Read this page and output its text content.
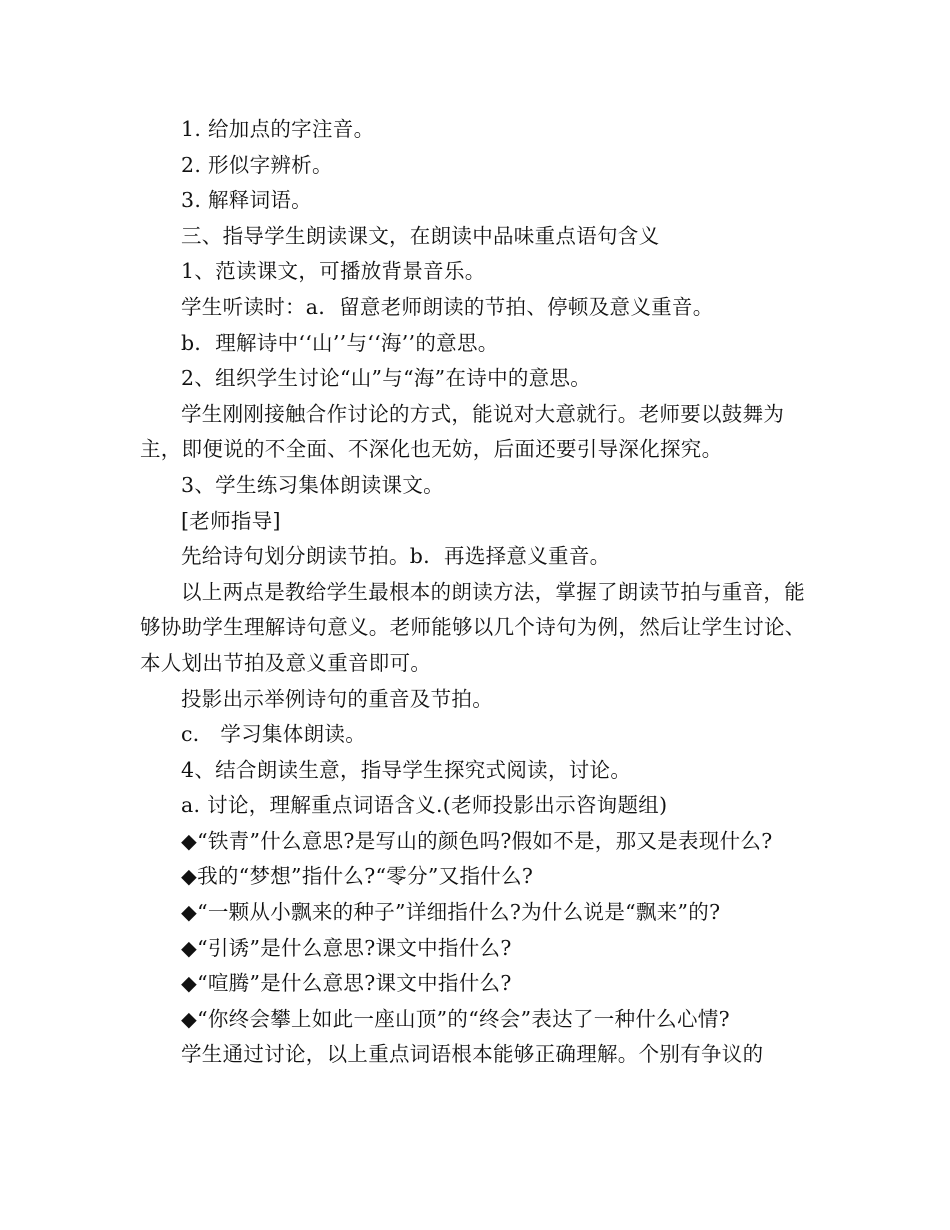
1. 给加点的字注音。

2. 形似字辨析。

3. 解释词语。

三、指导学生朗读课文，在朗读中品味重点语句含义

1、范读课文，可播放背景音乐。

学生听读时：a．留意老师朗读的节拍、停顿及意义重音。

b．理解诗中‘‘山’’与‘‘海’’的意思。

2、组织学生讨论“山”与“海”在诗中的意思。

学生刚刚接触合作讨论的方式，能说对大意就行。老师要以鼓舞为主，即便说的不全面、不深化也无妨，后面还要引导深化探究。

3、学生练习集体朗读课文。

[老师指导]

先给诗句划分朗读节拍。b．再选择意义重音。

以上两点是教给学生最根本的朗读方法，掌握了朗读节拍与重音，能够协助学生理解诗句意义。老师能够以几个诗句为例，然后让学生讨论、本人划出节拍及意义重音即可。

投影出示举例诗句的重音及节拍。

c． 学习集体朗读。

4、结合朗读生意，指导学生探究式阅读，讨论。

a. 讨论，理解重点词语含义.(老师投影出示咨询题组)

◆“铁青”什么意思?是写山的颜色吗?假如不是，那又是表现什么?

◆我的“梦想”指什么?“零分”又指什么?

◆“一颗从小飘来的种子”详细指什么?为什么说是“飘来”的?

◆“引诱”是什么意思?课文中指什么?

◆“喧腾”是什么意思?课文中指什么?

◆“你终会攀上如此一座山顶”的“终会”表达了一种什么心情?

学生通过讨论，以上重点词语根本能够正确理解。个别有争议的
